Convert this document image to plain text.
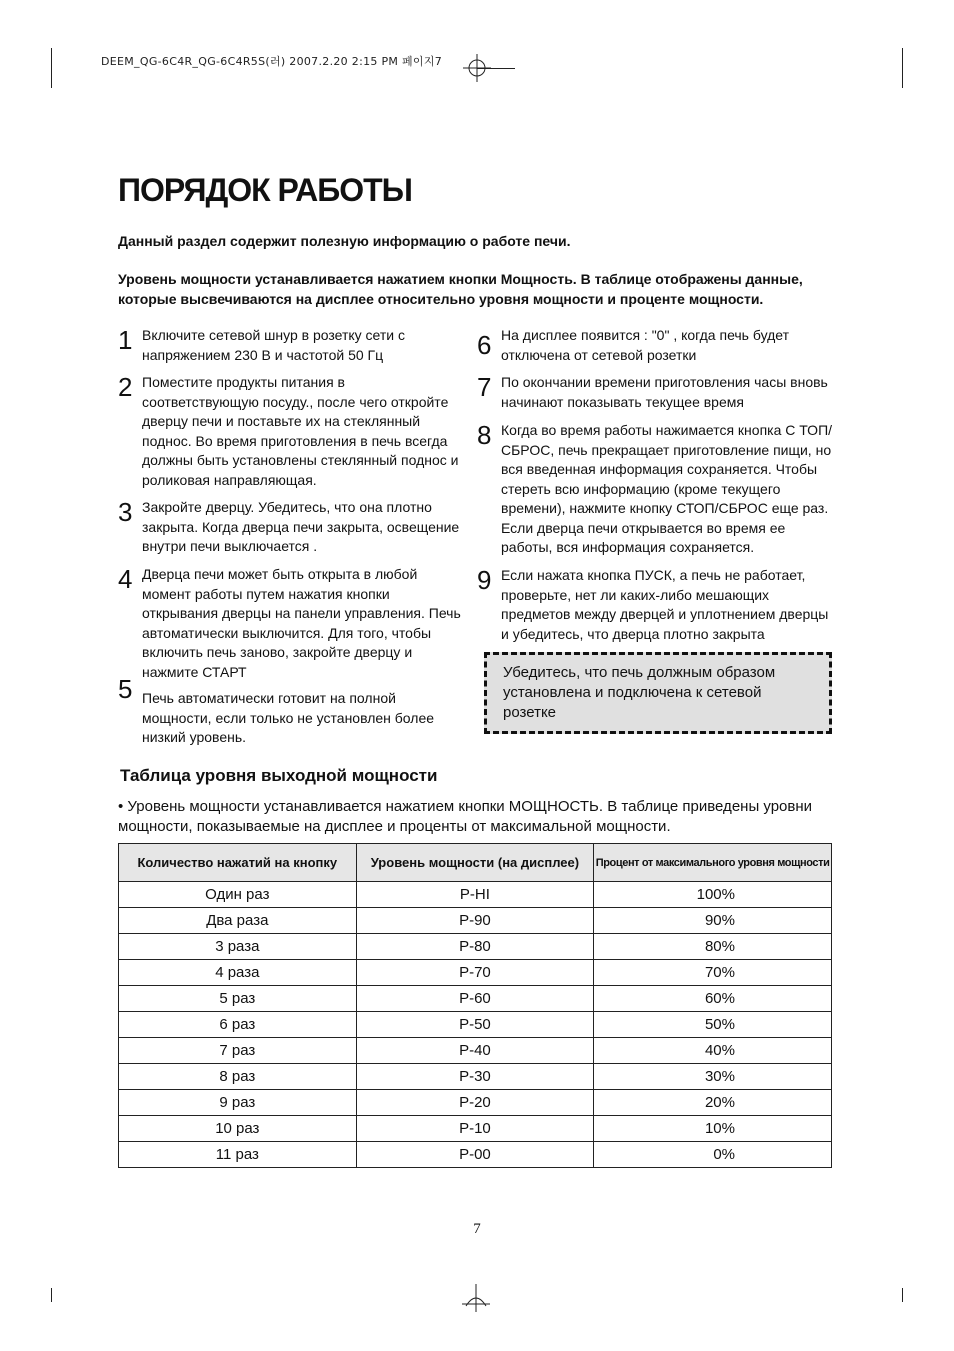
DEEM_QG-6C4R_QG-6C4R5S(러) 2007.2.20 2:15 PM 페이지7
ПОРЯДОК РАБОТЫ
Данный раздел содержит полезную информацию о работе печи.
Уровень мощности устанавливается нажатием кнопки Мощность. В таблице отображены данные, которые высвечиваются на дисплее относительно уровня мощности и проценте мощности.
1 Включите сетевой шнур в розетку сети с напряжением 230 В и частотой 50 Гц
2 Поместите продукты питания в соответствующую посуду., после чего откройте дверцу печи и поставьте их на стеклянный поднос. Во время приготовления в печь всегда должны быть установлены стеклянный поднос и роликовая направляющая.
3 Закройте дверцу. Убедитесь, что она плотно закрыта. Когда дверца печи закрыта, освещение внутри печи выключается .
4 Дверца печи может быть открыта в любой момент работы путем нажатия кнопки открывания дверцы на панели управления. Печь автоматически выключится. Для того, чтобы включить печь заново, закройте дверцу и нажмите СТАРТ
5 Печь автоматически готовит на полной мощности, если только не установлен более низкий уровень.
6 На дисплее появится : "0" , когда печь будет отключена от сетевой розетки
7 По окончании времени приготовления часы вновь начинают показывать текущее время
8 Когда во время работы нажимается кнопка С ТОП/СБРОС, печь прекращает приготовление пищи, но вся введенная информация сохраняется. Чтобы стереть всю информацию (кроме текущего времени), нажмите кнопку СТОП/СБРОС еще раз. Если дверца печи открывается во время ее работы, вся информация сохраняется.
9 Если нажата кнопка ПУСК, а печь не работает, проверьте, нет ли каких-либо мешающих предметов между дверцей и уплотнением дверцы и убедитесь, что дверца плотно закрыта
Убедитесь, что печь должным образом установлена и подключена к сетевой розетке
Таблица уровня выходной мощности
• Уровень мощности устанавливается нажатием кнопки МОЩНОСТЬ. В таблице приведены уровни мощности, показываемые на дисплее и проценты от максимальной мощности.
Количество нажатий на кнопку	Уровень мощности (на дисплее)	Процент от максимального уровня мощности
Один раз	P-HI	100%
Два раза	P-90	90%
3 раза	P-80	80%
4 раза	P-70	70%
5 раз	P-60	60%
6 раз	P-50	50%
7 раз	P-40	40%
8 раз	P-30	30%
9 раз	P-20	20%
10 раз	P-10	10%
11 раз	P-00	0%
7
